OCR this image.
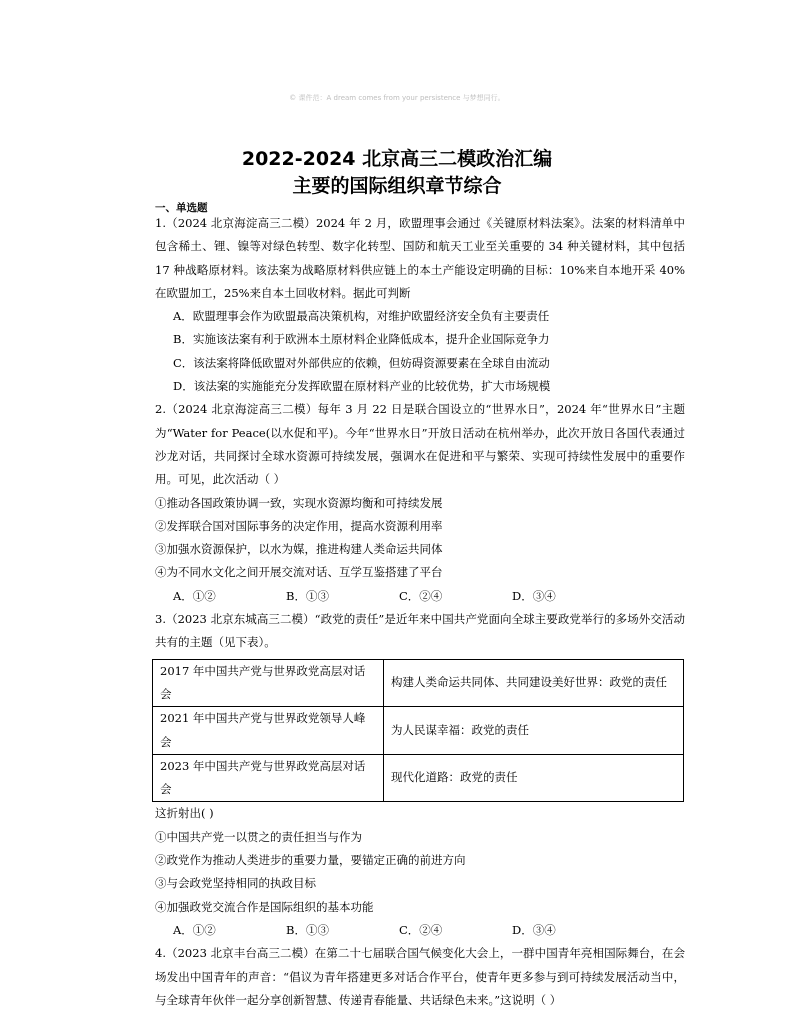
© 课件范：A dream comes from your persistence 与梦想同行。
2022-2024 北京高三二模政治汇编
主要的国际组织章节综合
一、单选题

1.（2024 北京海淀高三二模）2024 年 2 月，欧盟理事会通过《关键原材料法案》。法案的材料清单中包含稀土、锂、镍等对绿色转型、数字化转型、国防和航天工业至关重要的 34 种关键材料，其中包括 17 种战略原材料。该法案为战略原材料供应链上的本土产能设定明确的目标：10%来自本地开采 40%在欧盟加工，25%来自本土回收材料。据此可判断

A．欧盟理事会作为欧盟最高决策机构，对维护欧盟经济安全负有主要责任

B．实施该法案有利于欧洲本土原材料企业降低成本，提升企业国际竞争力

C．该法案将降低欧盟对外部供应的依赖，但妨碍资源要素在全球自由流动

D．该法案的实施能充分发挥欧盟在原材料产业的比较优势，扩大市场规模

2.（2024 北京海淀高三二模）每年 3 月 22 日是联合国设立的“世界水日”，2024 年“世界水日”主题为“Water for Peace(以水促和平)。今年“世界水日”开放日活动在杭州举办，此次开放日各国代表通过沙龙对话，共同探讨全球水资源可持续发展，强调水在促进和平与繁荣、实现可持续性发展中的重要作用。可见，此次活动（ ）

①推动各国政策协调一致，实现水资源均衡和可持续发展

②发挥联合国对国际事务的决定作用，提高水资源利用率

③加强水资源保护，以水为媒，推进构建人类命运共同体

④为不同水文化之间开展交流对话、互学互鉴搭建了平台

A．①②	B．①③	C．②④	D．③④

3.（2023 北京东城高三二模）“政党的责任”是近年来中国共产党面向全球主要政党举行的多场外交活动共有的主题（见下表）。

2017 年中国共产党与世界政党高层对话会	构建人类命运共同体、共同建设美好世界：政党的责任
2021 年中国共产党与世界政党领导人峰会	为人民谋幸福：政党的责任
2023 年中国共产党与世界政党高层对话会	现代化道路：政党的责任

这折射出( )

①中国共产党一以贯之的责任担当与作为

②政党作为推动人类进步的重要力量，要锚定正确的前进方向

③与会政党坚持相同的执政目标

④加强政党交流合作是国际组织的基本功能

A．①②	B．①③	C．②④	D．③④

4.（2023 北京丰台高三二模）在第二十七届联合国气候变化大会上，一群中国青年亮相国际舞台，在会场发出中国青年的声音：“倡议为青年搭建更多对话合作平台，使青年更多参与到可持续发展活动当中，与全球青年伙伴一起分享创新智慧、传递青春能量、共话绿色未来。”这说明（ ）
